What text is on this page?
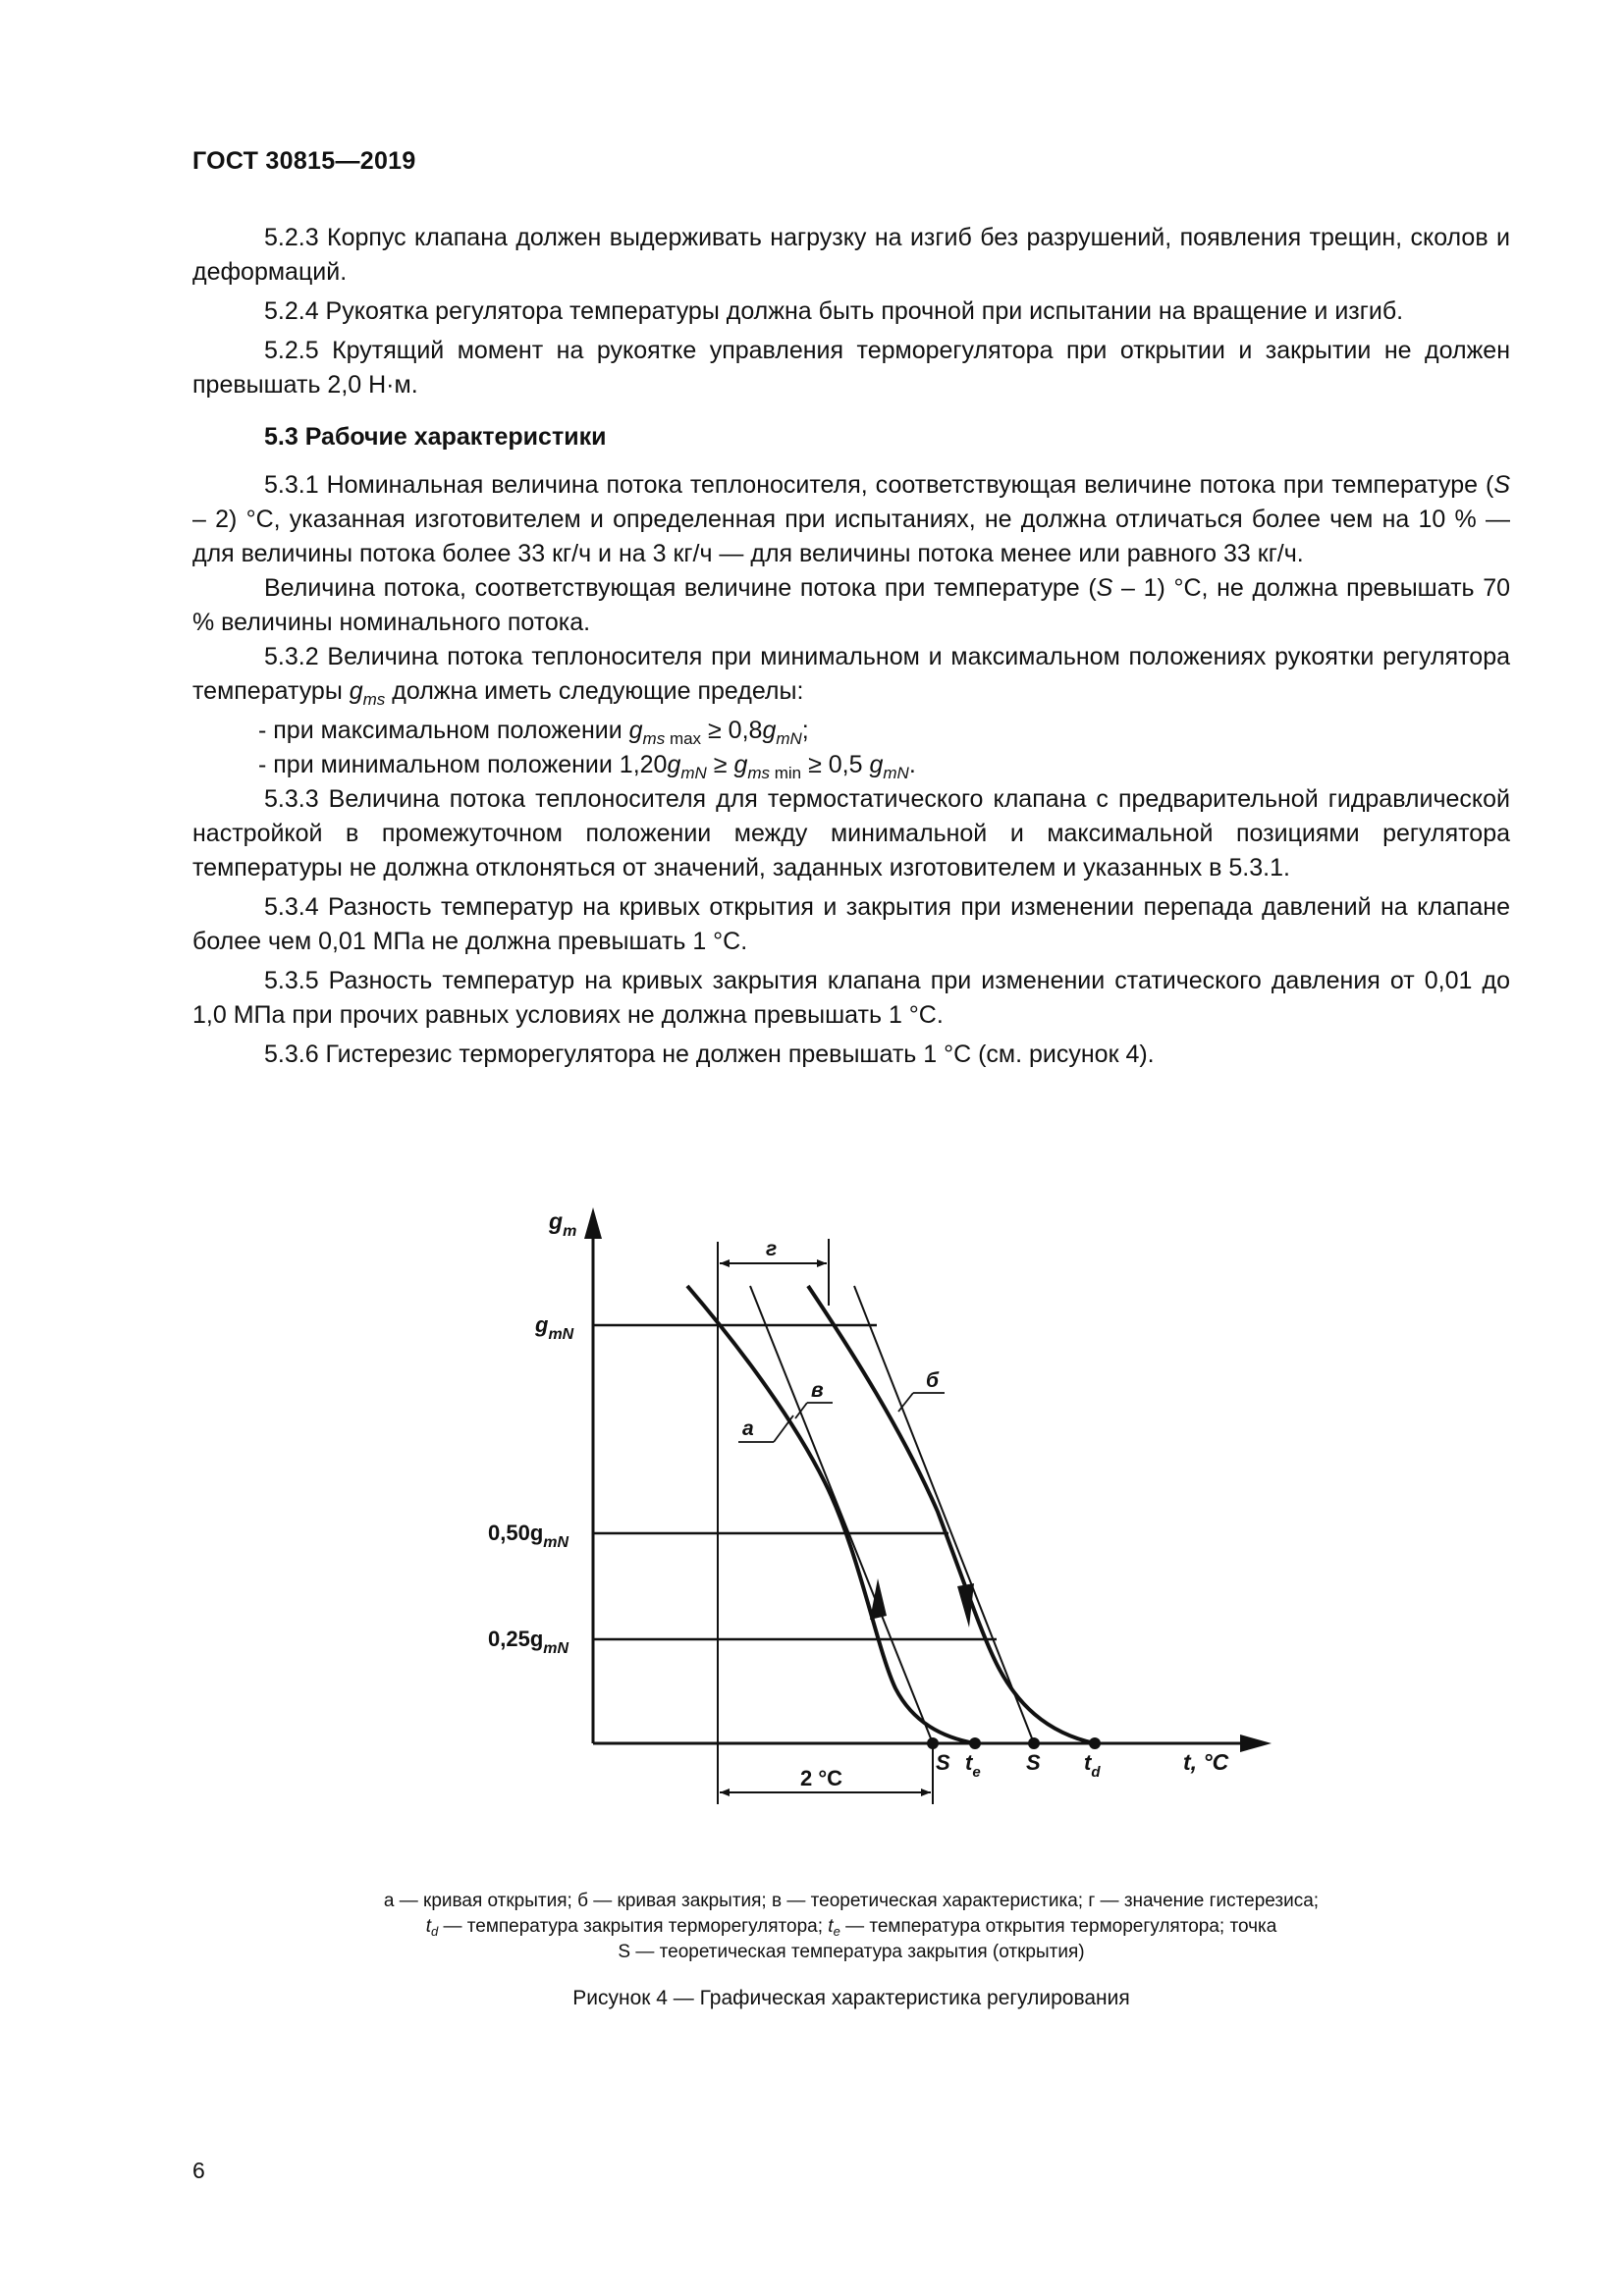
ГОСТ 30815—2019

5.2.3 Корпус клапана должен выдерживать нагрузку на изгиб без разрушений, появления трещин, сколов и деформаций.

5.2.4 Рукоятка регулятора температуры должна быть прочной при испытании на вращение и изгиб.

5.2.5 Крутящий момент на рукоятке управления терморегулятора при открытии и закрытии не должен превышать 2,0 Н·м.

5.3 Рабочие характеристики

5.3.1 Номинальная величина потока теплоносителя, соответствующая величине потока при температуре (S – 2) °С, указанная изготовителем и определенная при испытаниях, не должна отличаться более чем на 10 % — для величины потока более 33 кг/ч и на 3 кг/ч — для величины потока менее или равного 33 кг/ч.

Величина потока, соответствующая величине потока при температуре (S – 1) °С, не должна превышать 70 % величины номинального потока.

5.3.2 Величина потока теплоносителя при минимальном и максимальном положениях рукоятки регулятора температуры $g_{ms}$ должна иметь следующие пределы:

- при максимальном положении $g_{ms max} \ge 0,8g_{mN}$;

- при минимальном положении $1,20g_{mN} \ge g_{ms min} \ge 0,5$ $g_{mN}$.

5.3.3 Величина потока теплоносителя для термостатического клапана с предварительной гидравлической настройкой в промежуточном положении между минимальной и максимальной позициями регулятора температуры не должна отклоняться от значений, заданных изготовителем и указанных в 5.3.1.

5.3.4 Разность температур на кривых открытия и закрытия при изменении перепада давлений на клапане более чем 0,01 МПа не должна превышать 1 °С.

5.3.5 Разность температур на кривых закрытия клапана при изменении статического давления от 0,01 до 1,0 МПа при прочих равных условиях не должна превышать 1 °С.

5.3.6 Гистерезис терморегулятора не должен превышать 1 °С (см. рисунок 4).

$g_m$
$g_{mN}$
$0,50g_{mN}$
$0,25g_{mN}$
г
в	б
а
2 °C
S $t_e$ S $t_d$	t, °C
а — кривая открытия; б — кривая закрытия; в — теоретическая характеристика; г — значение гистерезиса;
$t_d$ — температура закрытия терморегулятора; $t_e$ — температура открытия терморегулятора; точка
S — теоретическая температура закрытия (открытия)
Рисунок 4 — Графическая характеристика регулирования
6
